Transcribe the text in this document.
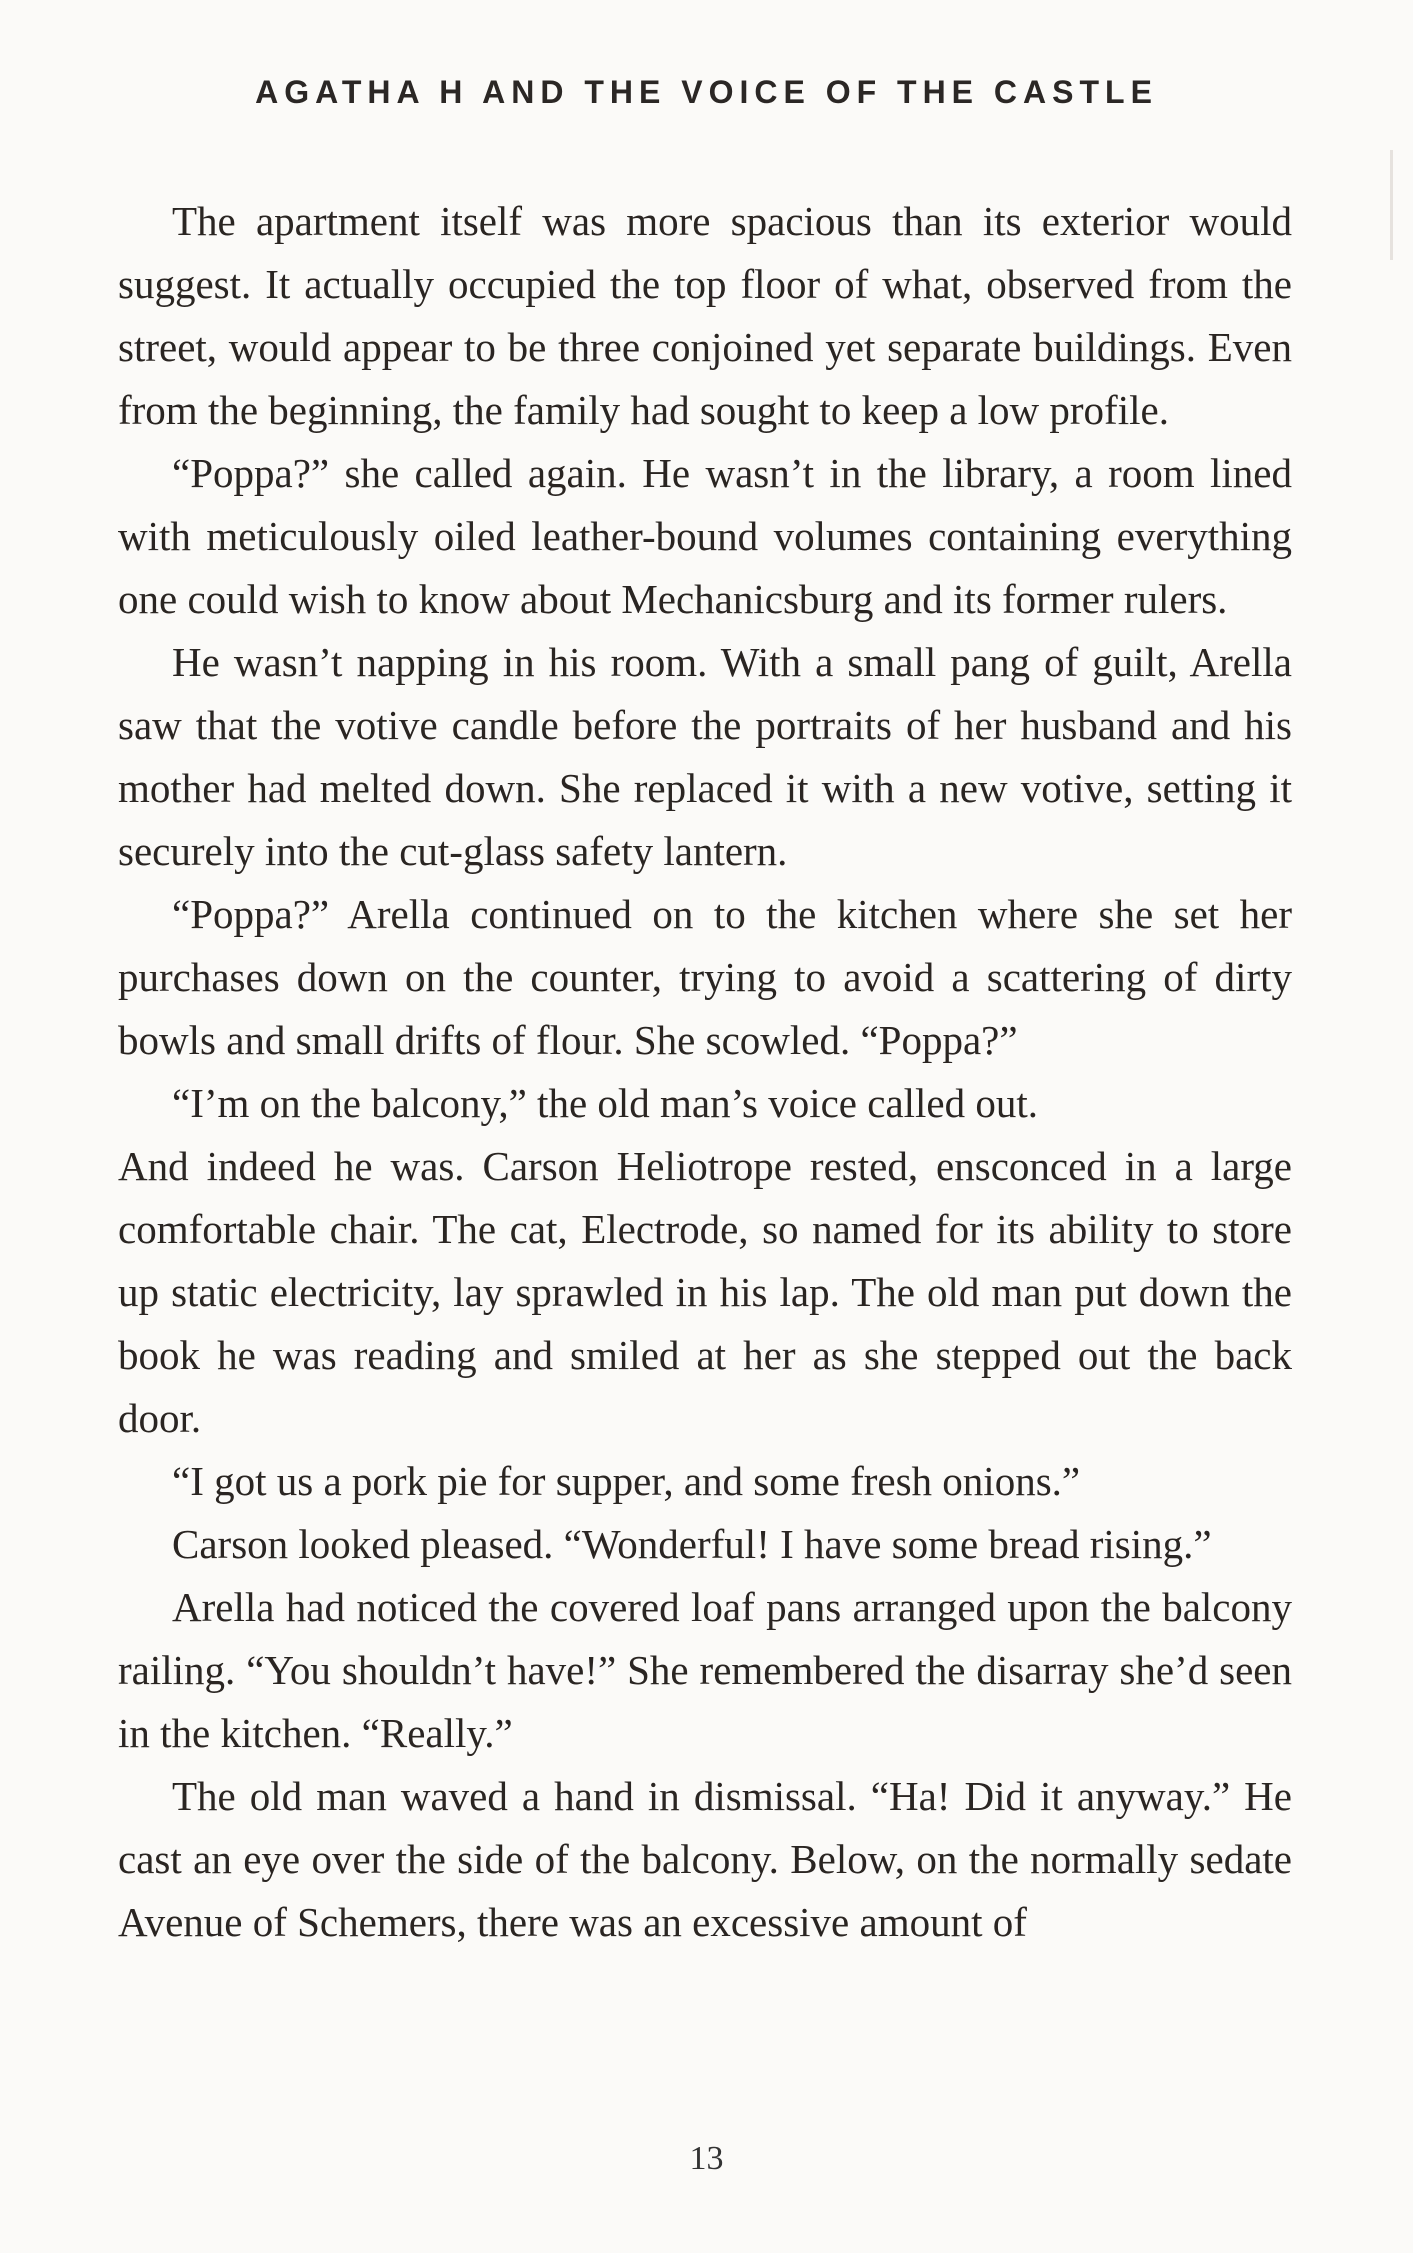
AGATHA H AND THE VOICE OF THE CASTLE

The apartment itself was more spacious than its exterior would suggest. It actually occupied the top floor of what, observed from the street, would appear to be three conjoined yet separate buildings. Even from the beginning, the family had sought to keep a low profile.

“Poppa?” she called again. He wasn’t in the library, a room lined with meticulously oiled leather-bound volumes containing everything one could wish to know about Mechanicsburg and its former rulers.

He wasn’t napping in his room. With a small pang of guilt, Arella saw that the votive candle before the portraits of her husband and his mother had melted down. She replaced it with a new votive, setting it securely into the cut-glass safety lantern.

“Poppa?” Arella continued on to the kitchen where she set her purchases down on the counter, trying to avoid a scattering of dirty bowls and small drifts of flour. She scowled. “Poppa?”

“I’m on the balcony,” the old man’s voice called out.

And indeed he was. Carson Heliotrope rested, ensconced in a large comfortable chair. The cat, Electrode, so named for its ability to store up static electricity, lay sprawled in his lap. The old man put down the book he was reading and smiled at her as she stepped out the back door.

“I got us a pork pie for supper, and some fresh onions.”

Carson looked pleased. “Wonderful! I have some bread rising.”

Arella had noticed the covered loaf pans arranged upon the balcony railing. “You shouldn’t have!” She remembered the disarray she’d seen in the kitchen. “Really.”

The old man waved a hand in dismissal. “Ha! Did it anyway.” He cast an eye over the side of the balcony. Below, on the normally sedate Avenue of Schemers, there was an excessive amount of

13
